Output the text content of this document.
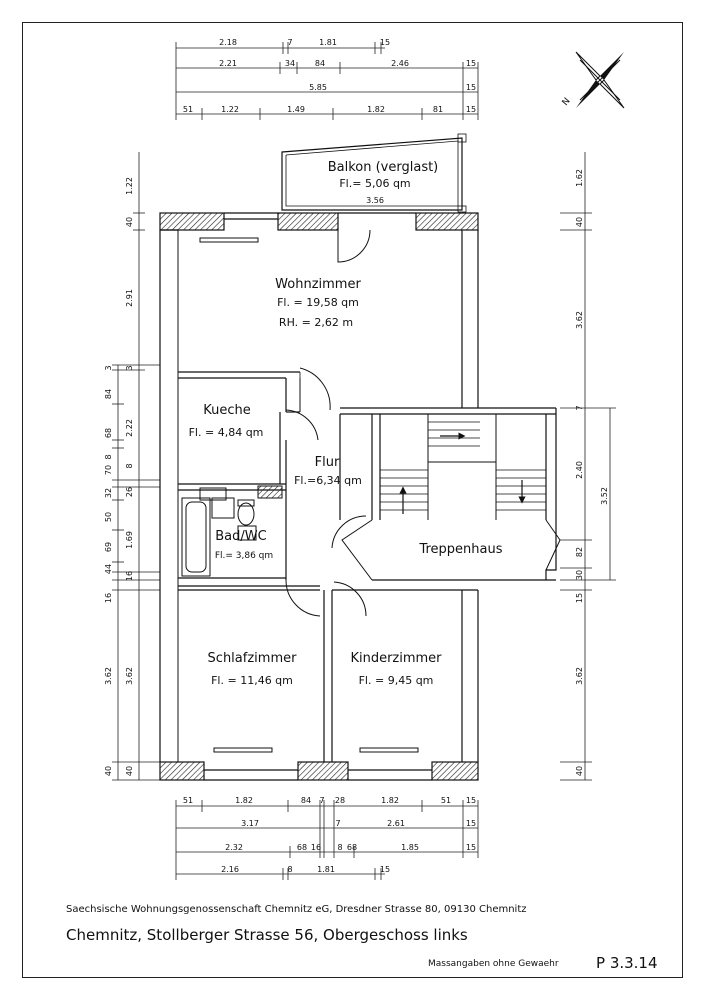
2.18	7	1.81	15
2.21	34 84	2.46	15
5.85	15
51	1.22	1.49	1.82	81	15
N
1.22
40
3
84
68
8
70
32 26
50
69
44
16
16
3.62
40
2.91
3
2.22
8
1.69
3.62
40
1.62
40
3.62
7
2.40
3.52
82
30
15
3.62
40
Balkon (verglast)
Fl.= 5,06 qm
3.56
Wohnzimmer
Fl. = 19,58 qm
RH. = 2,62 m
Kueche
Fl. = 4,84 qm
Flur
Fl.=6,34 qm
Bad/WC
Fl.= 3,86 qm	Treppenhaus
Schlafzimmer
Fl. = 11,46 qm
Kinderzimmer
Fl. = 9,45 qm
51	1.82	84 7 28	1.82	51 15
3.17	7	2.61	15
2.32	68 16 8 68	1.85	15
2.16	8	1.81	15
Saechsische Wohnungsgenossenschaft Chemnitz eG, Dresdner Strasse 80, 09130 Chemnitz
Chemnitz, Stollberger Strasse 56, Obergeschoss links
Massangaben ohne Gewaehr P 3.3.14
